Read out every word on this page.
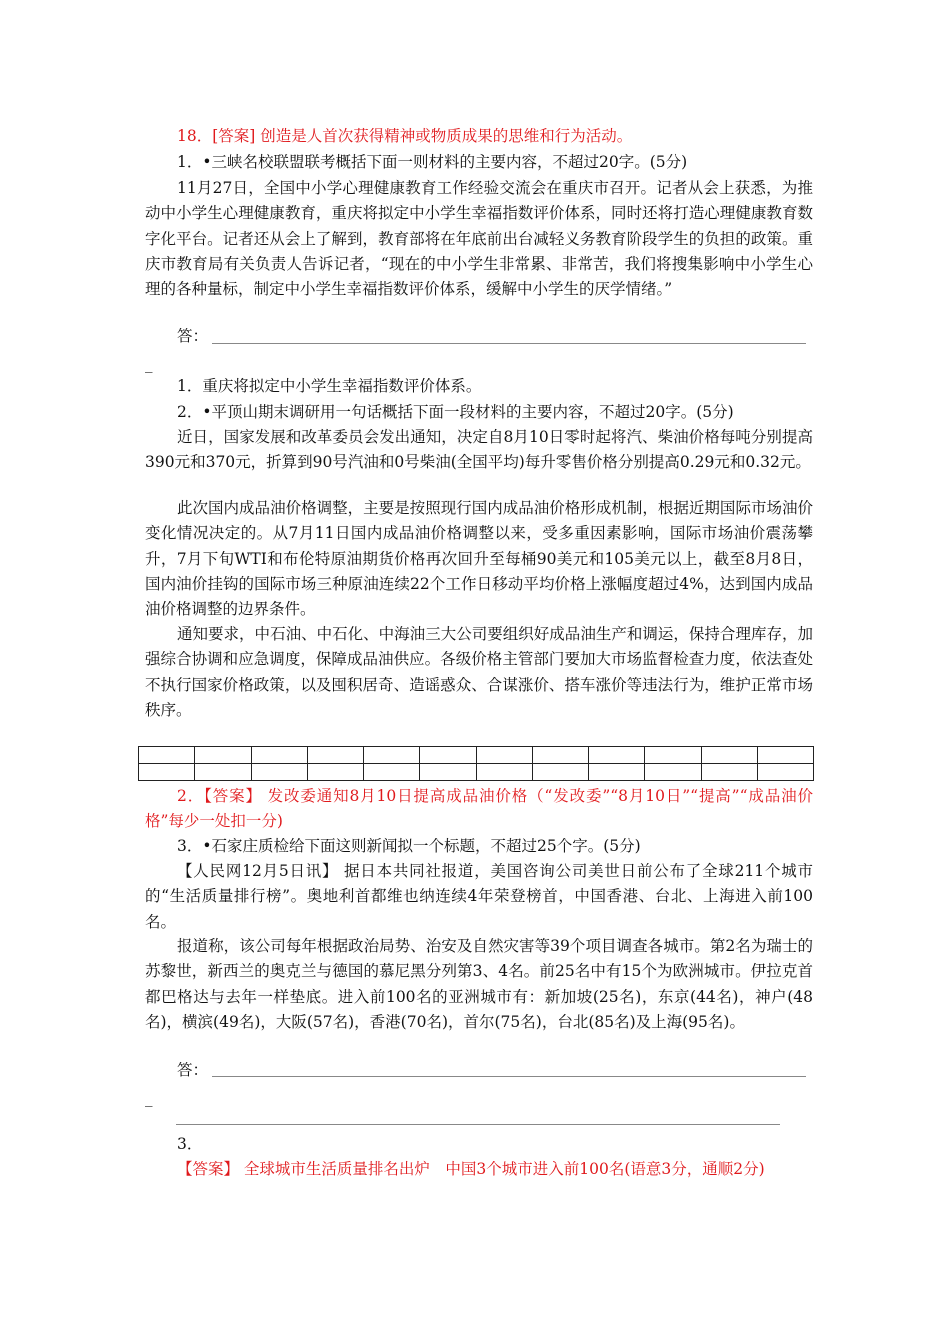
18．[答案] 创造是人首次获得精神或物质成果的思维和行为活动。

1．•三峡名校联盟联考概括下面一则材料的主要内容，不超过20字。(5分)

11月27日，全国中小学心理健康教育工作经验交流会在重庆市召开。记者从会上获悉，为推动中小学生心理健康教育，重庆将拟定中小学生幸福指数评价体系，同时还将打造心理健康教育数字化平台。记者还从会上了解到，教育部将在年底前出台减轻义务教育阶段学生的负担的政策。重庆市教育局有关负责人告诉记者，“现在的中小学生非常累、非常苦，我们将搜集影响中小学生心理的各种量标，制定中小学生幸福指数评价体系，缓解中小学生的厌学情绪。”

答：

_

1．重庆将拟定中小学生幸福指数评价体系。

2．•平顶山期末调研用一句话概括下面一段材料的主要内容，不超过20字。(5分)

近日，国家发展和改革委员会发出通知，决定自8月10日零时起将汽、柴油价格每吨分别提高390元和370元，折算到90号汽油和0号柴油(全国平均)每升零售价格分别提高0.29元和0.32元。

此次国内成品油价格调整，主要是按照现行国内成品油价格形成机制，根据近期国际市场油价变化情况决定的。从7月11日国内成品油价格调整以来，受多重因素影响，国际市场油价震荡攀升，7月下旬WTI和布伦特原油期货价格再次回升至每桶90美元和105美元以上，截至8月8日，国内油价挂钩的国际市场三种原油连续22个工作日移动平均价格上涨幅度超过4%，达到国内成品油价格调整的边界条件。

通知要求，中石油、中石化、中海油三大公司要组织好成品油生产和调运，保持合理库存，加强综合协调和应急调度，保障成品油供应。各级价格主管部门要加大市场监督检查力度，依法查处不执行国家价格政策，以及囤积居奇、造谣惑众、合谋涨价、搭车涨价等违法行为，维护正常市场秩序。

2．【答案】 发改委通知8月10日提高成品油价格（“发改委”“8月10日”“提高”“成品油价格”每少一处扣一分)

3．•石家庄质检给下面这则新闻拟一个标题，不超过25个字。(5分)

【人民网12月5日讯】 据日本共同社报道，美国咨询公司美世日前公布了全球211个城市的“生活质量排行榜”。奥地利首都维也纳连续4年荣登榜首，中国香港、台北、上海进入前100名。

报道称，该公司每年根据政治局势、治安及自然灾害等39个项目调查各城市。第2名为瑞士的苏黎世，新西兰的奥克兰与德国的慕尼黑分列第3、4名。前25名中有15个为欧洲城市。伊拉克首都巴格达与去年一样垫底。进入前100名的亚洲城市有：新加坡(25名)，东京(44名)，神户(48名)，横滨(49名)，大阪(57名)，香港(70名)，首尔(75名)，台北(85名)及上海(95名)。

答：

_

3．

【答案】 全球城市生活质量排名出炉　中国3个城市进入前100名(语意3分，通顺2分)
